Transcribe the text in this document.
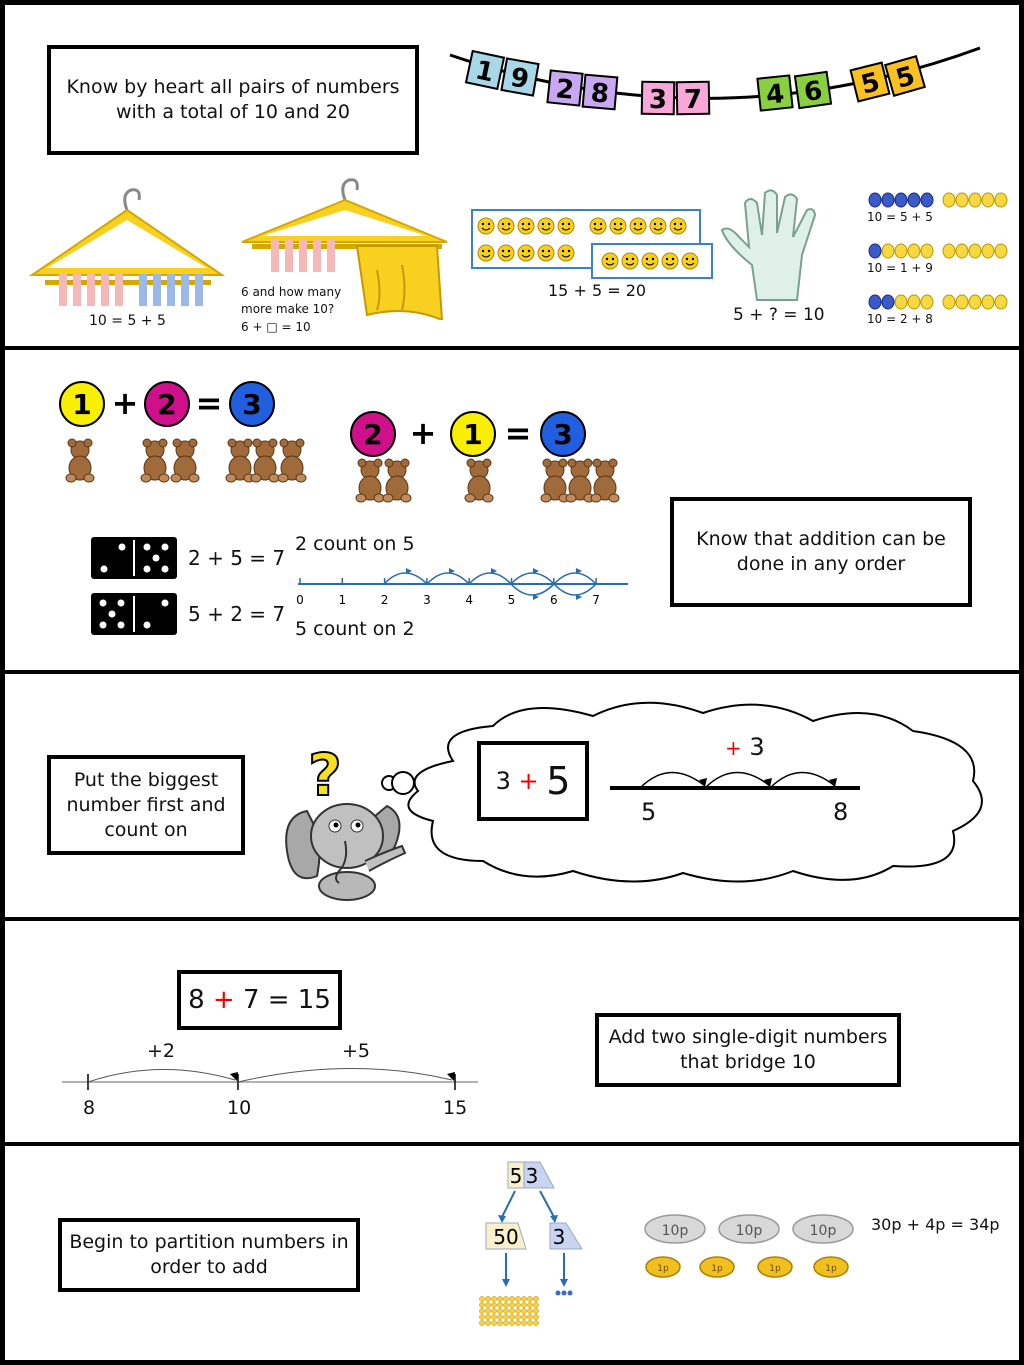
Know by heart all pairs of numbers with a total of 10 and 20
1 9 2 8 3 7 4 6 5 5
10 = 5 + 5
6 and how many
more make 10?
6 + □ = 10
15 + 5 = 20
5 + ? = 10
10 = 5 + 5
10 = 1 + 9
10 = 2 + 8
1 + 2 = 3
2 + 1 = 3
2 + 5 = 7
5 + 2 = 7
2 count on 5
0	1	2	3	4	5	6	7
5 count on 2
Know that addition can be done in any order
Put the biggest number first and count on
?	3
+
5
+ 3
5	8
8
+
7 = 15
+2	+5
8	10	15
Add two single-digit numbers that bridge 10
Begin to partition numbers in order to add
5 3
50 3	10p	10p	10p
1p	1p	1p	1p
30p + 4p = 34p
